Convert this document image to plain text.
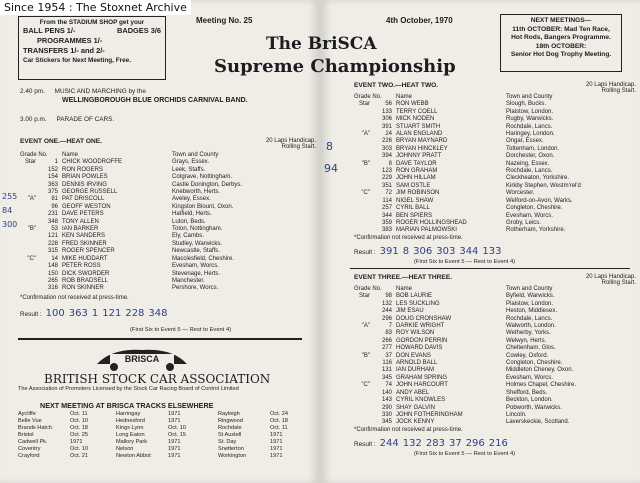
Since 1954 : The Stoxnet Archive
From the STADIUM SHOP get your
BALL PENS 1/-	BADGES 3/6
PROGRAMMES 1/-
TRANSFERS 1/- and 2/-
Car Stickers for Next Meeting, Free.
Meeting No. 25
2.40 pm. MUSIC AND MARCHING by the
WELLINGBOROUGH BLUE ORCHIDS CARNIVAL BAND.
3.00 p.m. PARADE OF CARS.
EVENT ONE.—HEAT ONE.	20 Laps Handicap.
Rolling Start.
Grade No.	Name	Town and County
Star	1 CHICK WOODROFFE	Grays, Essex.
152 RON ROGERS	Leek, Staffs.
154 BRIAN POWLES	Cotgrave, Nottingham.
363 DENNIS IRVING	Castle Donington, Derbys.
375 GEORGE RUSSELL	Knebworth, Herts.
"A"	81 PAT DRISCOLL	Aveley, Essex.
96 GEOFF WESTON	Kingston Blount, Oxon.
231 DAVE PETERS	Hatfield, Herts.
348 TONY ALLEN	Luton, Beds.
"B"	53 IAN BARKER	Toton, Nottingham.
121 KEN SANDERS	Ely, Cambs.
228 FRED SKINNER	Studley, Warwicks.
315 ROGER SPENCER	Newcastle, Staffs.
"C"	14 MIKE HUDDART	Macclesfield, Cheshire.
148 PETER ROSS	Evesham, Worcs.
150 DICK SWORDER	Stevenage, Herts.
265 ROB BRADSELL	Manchester.
316 RON SKINNER	Pershore, Worcs.
*Confirmation not received at press-time.
Result : 100 363 1 121 228 348
(First Six to Event 5 — Rest to Event 4)
255
84
300
BRISCA
STOCK CAR RACING
BRITISH STOCK CAR ASSOCIATION
The Association of Promoters Licensed by the Stock Car Racing Board of Control Limited
NEXT MEETING AT BRISCA TRACKS ELSEWHERE
Aycliffe	Oct. 11
Belle Vue	Oct. 10
Brands Hatch	Oct. 18
Bristol	Oct. 25
Cadwell Pk.	1971
Coventry	Oct. 10
Crayford	Oct. 21
Harringay	1971
Hednesford	1971
Kings Lynn	Oct. 10
Long Eaton	Oct. 15
Mallory Park	1971
Nelson	1971
Newton Abbot	1971
Rayleigh	Oct. 24
Ringwood	Oct. 18
Rochdale	Oct. 11
St Austell	1971
St. Day	1971
Snetterton	1971
Workington	1971
4th October, 1970	NEXT MEETINGS—
11th OCTOBER: Mad Ten Race,
Hot Rods, Bangers Programme.
18th OCTOBER:
Senior Hot Dog Trophy Meeting.
8
94
EVENT TWO.—HEAT TWO.	20 Laps Handicap.
Rolling Start.
Grade No.	Name	Town and County
Star	56 RON WEBB	Slough, Bucks.
133 TERRY COELL	Plaistow, London.
306 MICK NODEN	Rugby, Warwicks.
391 STUART SMITH	Rochdale, Lancs.
"A"	24 ALAN ENGLAND	Haringey, London.
226 BRYAN MAYNARD	Ongar, Essex.
303 BRYAN HINCKLEY	Tottenham, London.
394 JOHNNY PRATT	Dorchester, Oxon.
"B"	8 DAVE TAYLOR	Nazeing, Essex.
123 RON GRAHAM	Rochdale, Lancs.
229 JOHN HILLAM	Cleckheaton, Yorkshire.
351 SAM OSTLE	Kirkby Stephen, Westm'rel'd
"C"	72 JIM ROBINSON	Worcester.
114 NIGEL SHAW	Welford-on-Avon, Warks.
257 CYRIL BALL	Congleton, Cheshire.
344 BEN SPIERS	Evesham, Worcs.
359 ROGER HOLLINGSHEAD	Groby, Leics.
383 MARIAN PALMOWSKI	Rotherham, Yorkshire.
*Confirmation not received at press-time.
Result : 391 8 306 303 344 133
(First Six to Event 5 — Rest to Event 4)
EVENT THREE.—HEAT THREE.	20 Laps Handicap.
Rolling Start.
Grade No.	Name	Town and County
Star	98 BOB LAURIE	Byfield, Warwicks.
132 LES SUCKLING	Plaistow, London.
244 JIM ESAU	Heston, Middlesex.
296 DOUG CRONSHAW	Rochdale, Lancs.
"A"	7 DARKIE WRIGHT	Walworth, London.
83 ROY WILSON	Wetherby, Yorks.
266 GORDON PERRIN	Welwyn, Herts.
277 HOWARD DAVIS	Cheltenham, Glos.
"B"	37 DON EVANS	Cowley, Oxford.
116 ARNOLD BALL	Congleton, Cheshire.
131 IAN DURHAM	Middleton Cheney, Oxon.
345 GRAHAM SPRING	Evesham, Worcs.
"C"	74 JOHN HARCOURT	Holmes Chapel, Cheshire.
140 ANDY ABEL	Shefford, Beds.
143 CYRIL KNOWLES	Beckton, London.
290 SHAY GALVIN	Pobworth, Warwicks.
330 JOHN FOTHERINGHAM	Lincoln.
345 JOCK KENNY	Laverskeckie, Scotland.
*Confirmation not received at press-time.
Result : 244 132 283 37 296 216
(First Six to Event 5 — Rest to Event 4)
The BriSCA
Supreme Championship
